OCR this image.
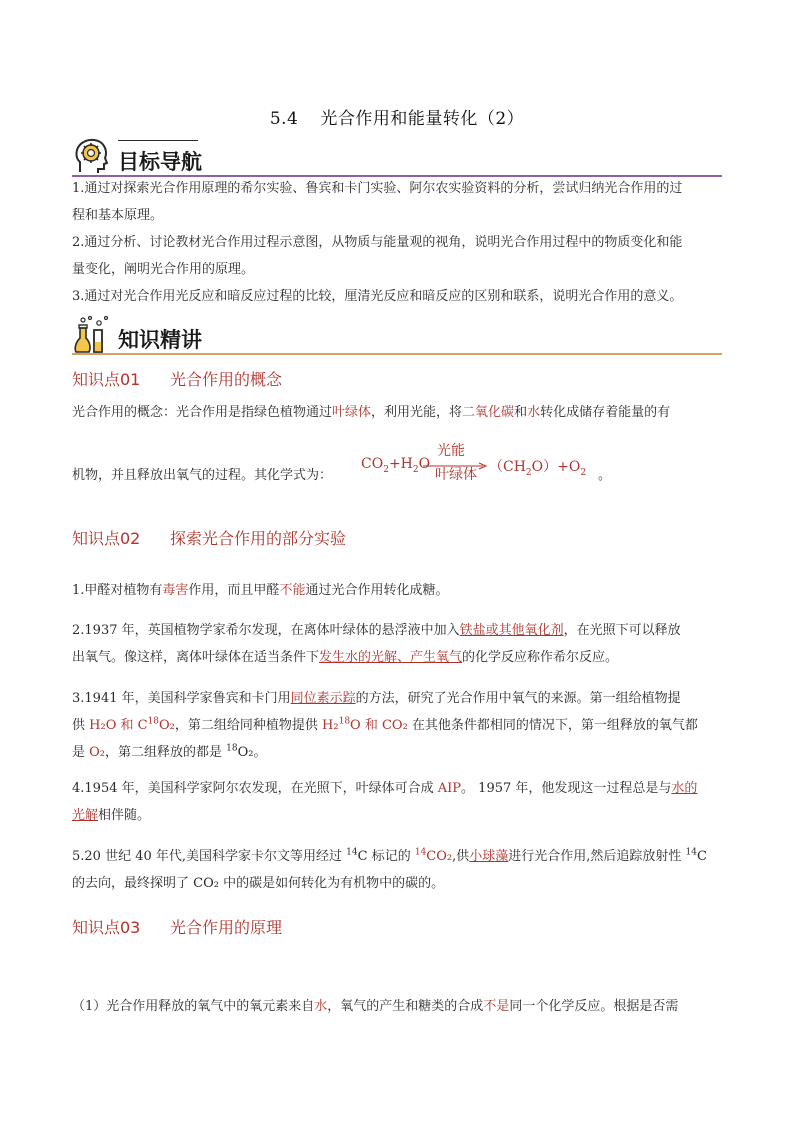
5.4 光合作用和能量转化（2）
目标导航
1.通过对探索光合作用原理的希尔实验、鲁宾和卡门实验、阿尔农实验资料的分析，尝试归纳光合作用的过
程和基本原理。
2.通过分析、讨论教材光合作用过程示意图，从物质与能量观的视角，说明光合作用过程中的物质变化和能
量变化，阐明光合作用的原理。
3.通过对光合作用光反应和暗反应过程的比较，厘清光反应和暗反应的区别和联系，说明光合作用的意义。
知识精讲
知识点01 光合作用的概念
光合作用的概念：光合作用是指绿色植物通过叶绿体，利用光能，将二氧化碳和水转化成储存着能量的有
机物，并且释放出氧气的过程。其化学式为：
$CO_2+H_2O$
光能
叶绿体 $(CH_2O)+O_2$ 。
知识点02 探索光合作用的部分实验
1.甲醛对植物有毒害作用，而且甲醛不能通过光合作用转化成糖。
2.1937 年，英国植物学家希尔发现，在离体叶绿体的悬浮液中加入铁盐或其他氧化剂，在光照下可以释放
出氧气。像这样，离体叶绿体在适当条件下发生水的光解、产生氧气的化学反应称作希尔反应。
3.1941 年，美国科学家鲁宾和卡门用同位素示踪的方法，研究了光合作用中氧气的来源。第一组给植物提
供 H₂O 和 $C^{18}O_2$，第二组给同种植物提供 H₂$^{18}$O 和 CO₂ 在其他条件都相同的情况下，第一组释放的氧气都
是 O₂，第二组释放的都是 $^{18}$O₂。
4.1954 年，美国科学家阿尔农发现，在光照下，叶绿体可合成 AIP。 1957 年，他发现这一过程总是与水的
光解相伴随。
5.20 世纪 40 年代,美国科学家卡尔文等用经过 $^{14}$C 标记的 $^{14}$CO₂,供小球藻进行光合作用,然后追踪放射性 $^{14}$C
的去向，最终探明了 CO₂ 中的碳是如何转化为有机物中的碳的。
知识点03 光合作用的原理
（1）光合作用释放的氧气中的氧元素来自水，氧气的产生和糖类的合成不是同一个化学反应。根据是否需
